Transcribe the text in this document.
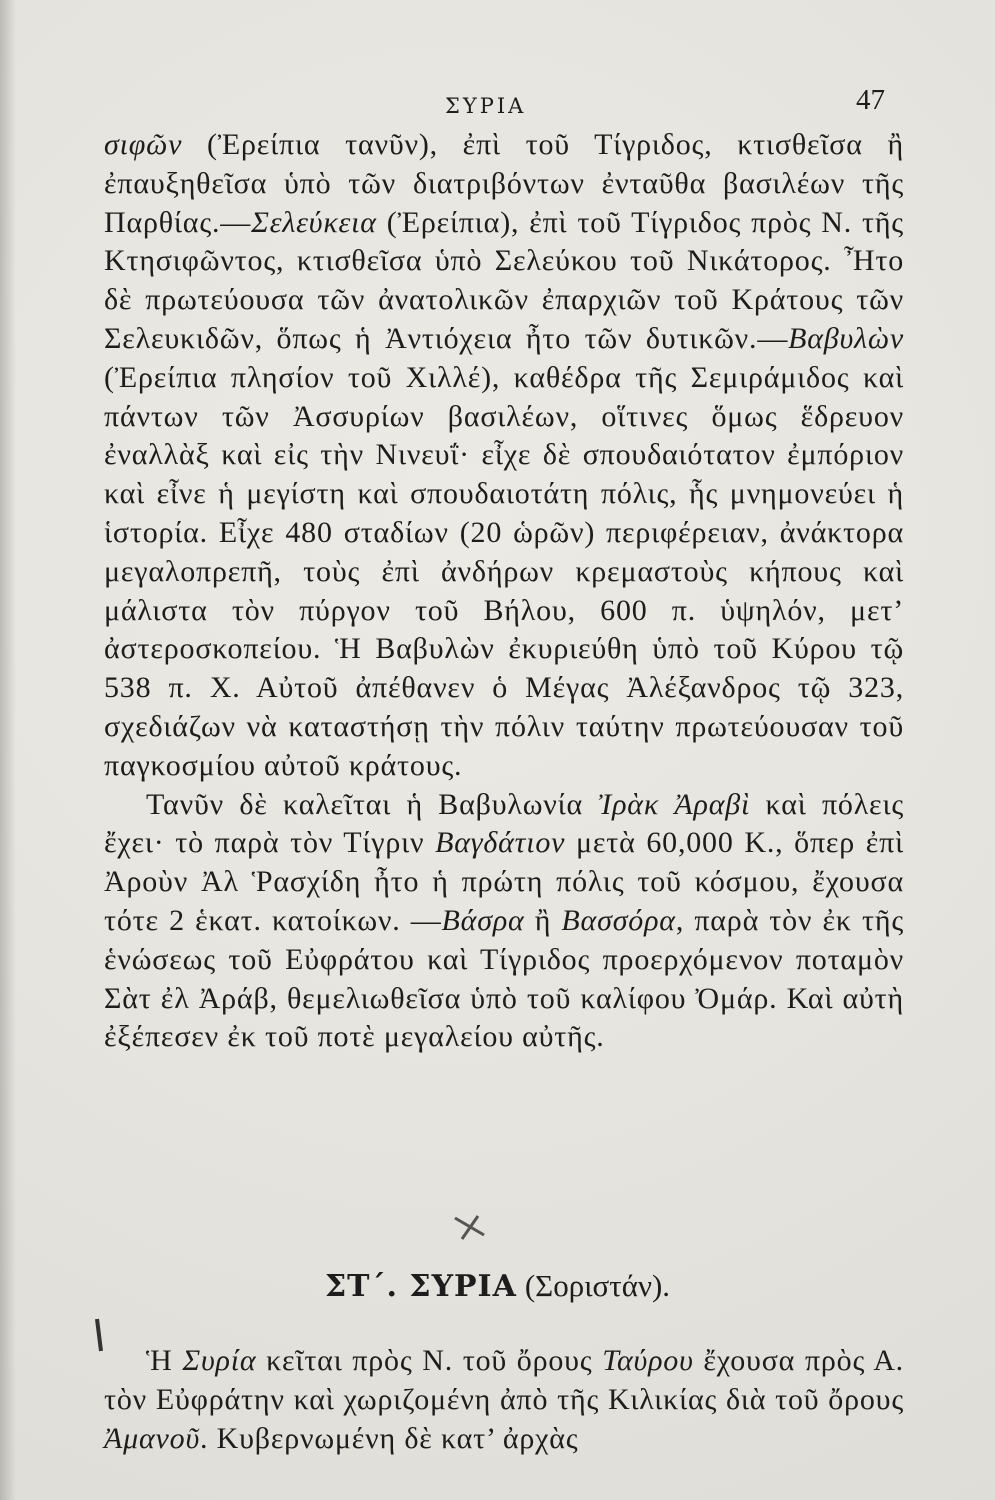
ΣΥΡΙΑ	47

σιφῶν (Ἐρείπια τανῦν), ἐπὶ τοῦ Τίγριδος, κτισθεῖσα ἢ ἐπαυξηθεῖσα ὑπὸ τῶν διατριβόντων ἐνταῦθα βασιλέων τῆς Παρθίας.—Σελεύκεια (Ἐρείπια), ἐπὶ τοῦ Τίγριδος πρὸς Ν. τῆς Κτησιφῶντος, κτισθεῖσα ὑπὸ Σελεύκου τοῦ Νικάτορος. Ἦτο δὲ πρωτεύουσα τῶν ἀνατολικῶν ἐπαρχιῶν τοῦ Κράτους τῶν Σελευκιδῶν, ὅπως ἡ Ἀντιόχεια ἦτο τῶν δυτικῶν.—Βαβυλὼν (Ἐρείπια πλησίον τοῦ Χιλλέ), καθέδρα τῆς Σεμιράμιδος καὶ πάντων τῶν Ἀσσυρίων βασιλέων, οἵτινες ὅμως ἕδρευον ἐναλλὰξ καὶ εἰς τὴν Νινευΐ· εἶχε δὲ σπουδαιότατον ἐμπόριον καὶ εἶνε ἡ μεγίστη καὶ σπουδαιοτάτη πόλις, ἧς μνημονεύει ἡ ἱστορία. Εἶχε 480 σταδίων (20 ὡρῶν) περιφέρειαν, ἀνάκτορα μεγαλοπρεπῆ, τοὺς ἐπὶ ἀνδήρων κρεμαστοὺς κήπους καὶ μάλιστα τὸν πύργον τοῦ Βήλου, 600 π. ὑψηλόν, μετ’ ἀστεροσκοπείου. Ἡ Βαβυλὼν ἐκυριεύθη ὑπὸ τοῦ Κύρου τῷ 538 π. Χ. Αὐτοῦ ἀπέθανεν ὁ Μέγας Ἀλέξανδρος τῷ 323, σχεδιάζων νὰ καταστήσῃ τὴν πόλιν ταύτην πρωτεύουσαν τοῦ παγκοσμίου αὐτοῦ κράτους.

Τανῦν δὲ καλεῖται ἡ Βαβυλωνία Ἰρὰκ Ἀραβὶ καὶ πόλεις ἔχει· τὸ παρὰ τὸν Τίγριν Βαγδάτιον μετὰ 60,000 Κ., ὅπερ ἐπὶ Ἀροὺν Ἀλ Ῥασχίδη ἦτο ἡ πρώτη πόλις τοῦ κόσμου, ἔχουσα τότε 2 ἑκατ. κατοίκων. —Βάσρα ἢ Βασσόρα, παρὰ τὸν ἐκ τῆς ἑνώσεως τοῦ Εὐφράτου καὶ Τίγριδος προερχόμενον ποταμὸν Σὰτ ἐλ Ἀράβ, θεμελιωθεῖσα ὑπὸ τοῦ καλίφου Ὀμάρ. Καὶ αὐτὴ ἐξέπεσεν ἐκ τοῦ ποτὲ μεγαλείου αὐτῆς.

ΣΤ΄. ΣΥΡΙΑ (Σοριστάν).

Ἡ Συρία κεῖται πρὸς Ν. τοῦ ὄρους Ταύρου ἔχουσα πρὸς Α. τὸν Εὐφράτην καὶ χωριζομένη ἀπὸ τῆς Κιλικίας διὰ τοῦ ὄρους Ἀμανοῦ. Κυβερνωμένη δὲ κατ’ ἀρχὰς
